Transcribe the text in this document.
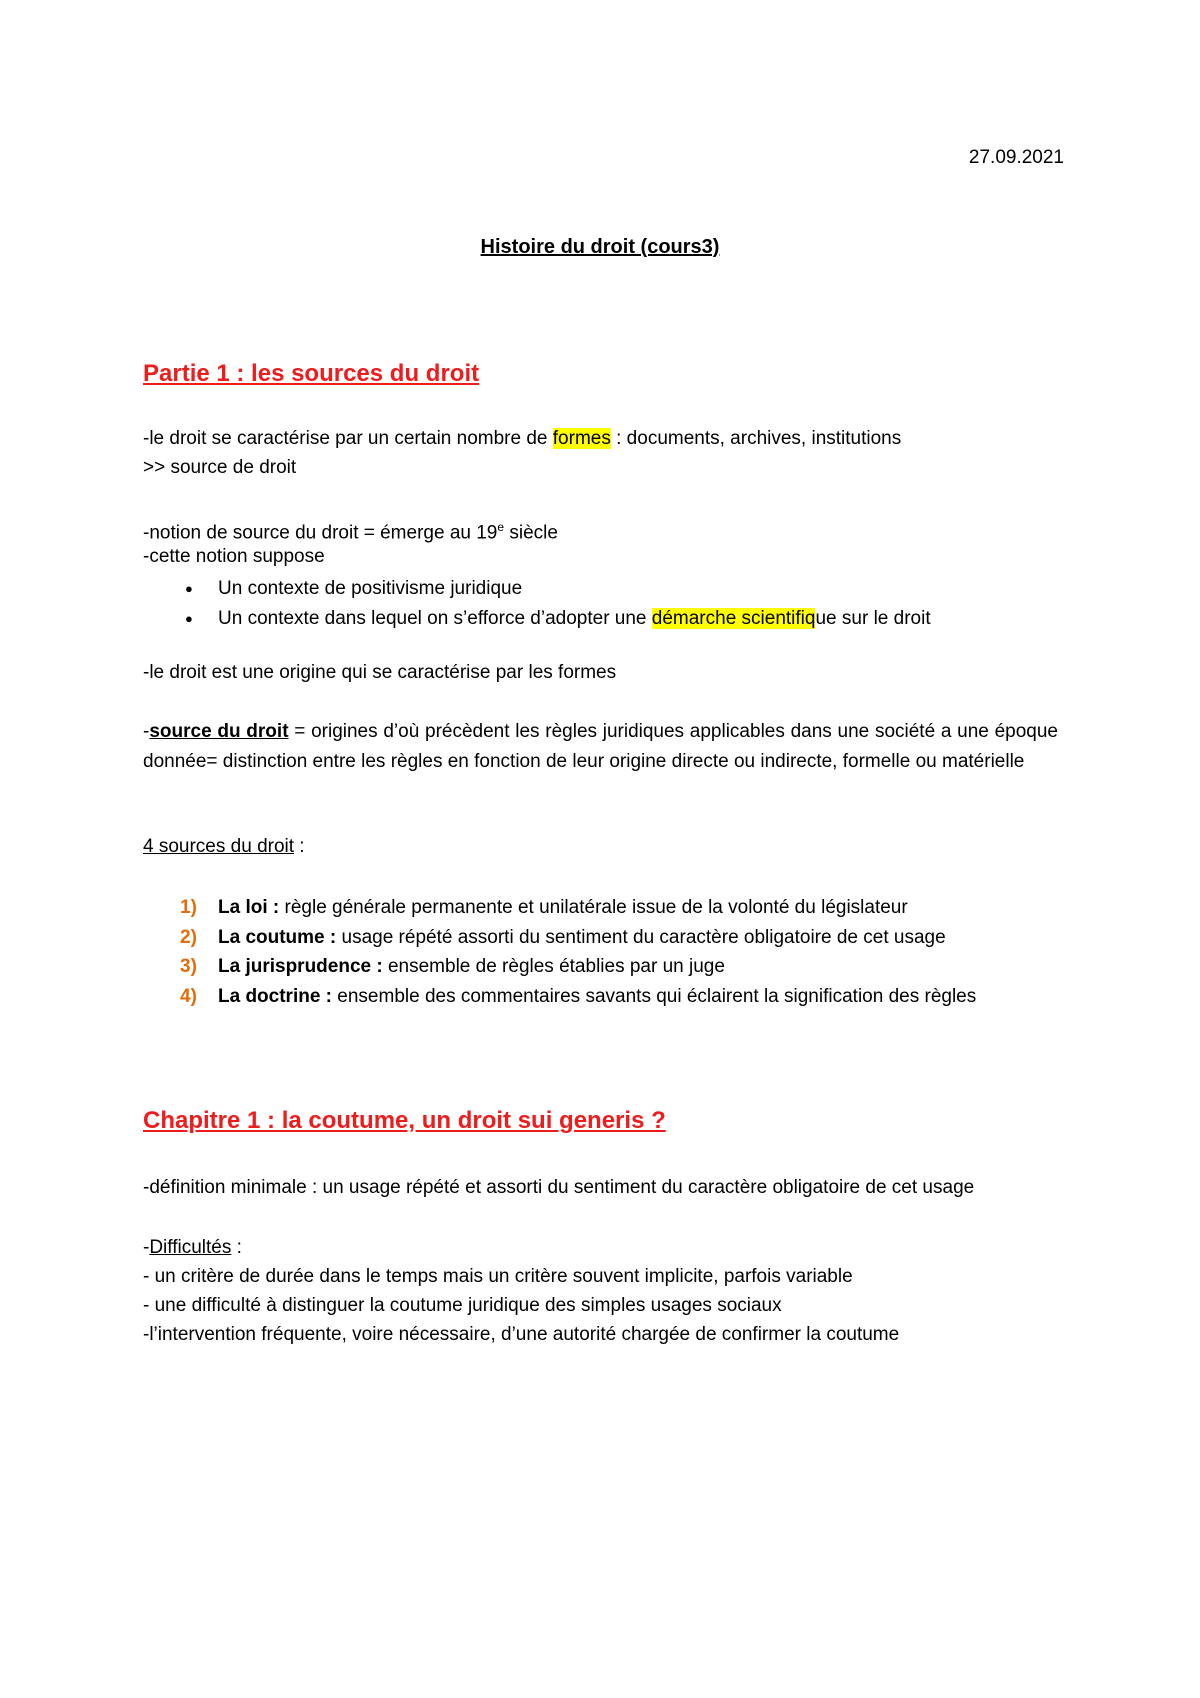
27.09.2021
Histoire du droit (cours3)
Partie 1 : les sources du droit
-le droit se caractérise par un certain nombre de formes : documents, archives, institutions
>> source de droit
-notion de source du droit = émerge au 19e siècle
-cette notion suppose
● Un contexte de positivisme juridique
● Un contexte dans lequel on s’efforce d’adopter une démarche scientifique sur le droit
-le droit est une origine qui se caractérise par les formes
-source du droit = origines d’où précèdent les règles juridiques applicables dans une société a une époque donnée= distinction entre les règles en fonction de leur origine directe ou indirecte, formelle ou matérielle
4 sources du droit :
1) La loi : règle générale permanente et unilatérale issue de la volonté du législateur
2) La coutume : usage répété assorti du sentiment du caractère obligatoire de cet usage
3) La jurisprudence : ensemble de règles établies par un juge
4) La doctrine : ensemble des commentaires savants qui éclairent la signification des règles
Chapitre 1 : la coutume, un droit sui generis ?
-définition minimale : un usage répété et assorti du sentiment du caractère obligatoire de cet usage
-Difficultés :
- un critère de durée dans le temps mais un critère souvent implicite, parfois variable
- une difficulté à distinguer la coutume juridique des simples usages sociaux
-l’intervention fréquente, voire nécessaire, d’une autorité chargée de confirmer la coutume
